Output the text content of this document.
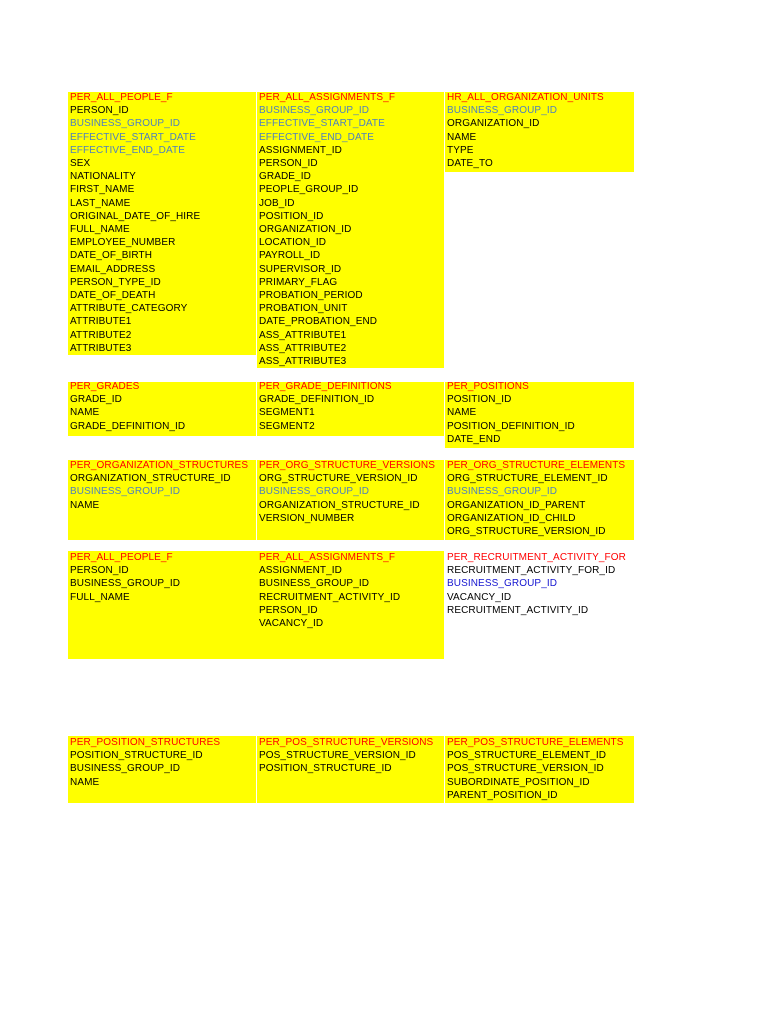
PER_ALL_PEOPLE_F
PERSON_ID
BUSINESS_GROUP_ID
EFFECTIVE_START_DATE
EFFECTIVE_END_DATE
SEX
NATIONALITY
FIRST_NAME
LAST_NAME
ORIGINAL_DATE_OF_HIRE
FULL_NAME
EMPLOYEE_NUMBER
DATE_OF_BIRTH
EMAIL_ADDRESS
PERSON_TYPE_ID
DATE_OF_DEATH
ATTRIBUTE_CATEGORY
ATTRIBUTE1
ATTRIBUTE2
ATTRIBUTE3
PER_ALL_ASSIGNMENTS_F
BUSINESS_GROUP_ID
EFFECTIVE_START_DATE
EFFECTIVE_END_DATE
ASSIGNMENT_ID
PERSON_ID
GRADE_ID
PEOPLE_GROUP_ID
JOB_ID
POSITION_ID
ORGANIZATION_ID
LOCATION_ID
PAYROLL_ID
SUPERVISOR_ID
PRIMARY_FLAG
PROBATION_PERIOD
PROBATION_UNIT
DATE_PROBATION_END
ASS_ATTRIBUTE1
ASS_ATTRIBUTE2
ASS_ATTRIBUTE3
HR_ALL_ORGANIZATION_UNITS
BUSINESS_GROUP_ID
ORGANIZATION_ID
NAME
TYPE
DATE_TO
PER_GRADES
GRADE_ID
NAME
GRADE_DEFINITION_ID
PER_GRADE_DEFINITIONS
GRADE_DEFINITION_ID
SEGMENT1
SEGMENT2
PER_POSITIONS
POSITION_ID
NAME
POSITION_DEFINITION_ID
DATE_END
PER_ORGANIZATION_STRUCTURES
ORGANIZATION_STRUCTURE_ID
BUSINESS_GROUP_ID
NAME
PER_ORG_STRUCTURE_VERSIONS
ORG_STRUCTURE_VERSION_ID
BUSINESS_GROUP_ID
ORGANIZATION_STRUCTURE_ID
VERSION_NUMBER
PER_ORG_STRUCTURE_ELEMENTS
ORG_STRUCTURE_ELEMENT_ID
BUSINESS_GROUP_ID
ORGANIZATION_ID_PARENT
ORGANIZATION_ID_CHILD
ORG_STRUCTURE_VERSION_ID
PER_ALL_PEOPLE_F
PERSON_ID
BUSINESS_GROUP_ID
FULL_NAME
PER_ALL_ASSIGNMENTS_F
ASSIGNMENT_ID
BUSINESS_GROUP_ID
RECRUITMENT_ACTIVITY_ID
PERSON_ID
VACANCY_ID
PER_RECRUITMENT_ACTIVITY_FOR
RECRUITMENT_ACTIVITY_FOR_ID
BUSINESS_GROUP_ID
VACANCY_ID
RECRUITMENT_ACTIVITY_ID
PER_POSITION_STRUCTURES
POSITION_STRUCTURE_ID
BUSINESS_GROUP_ID
NAME
PER_POS_STRUCTURE_VERSIONS
POS_STRUCTURE_VERSION_ID
POSITION_STRUCTURE_ID
PER_POS_STRUCTURE_ELEMENTS
POS_STRUCTURE_ELEMENT_ID
POS_STRUCTURE_VERSION_ID
SUBORDINATE_POSITION_ID
PARENT_POSITION_ID
